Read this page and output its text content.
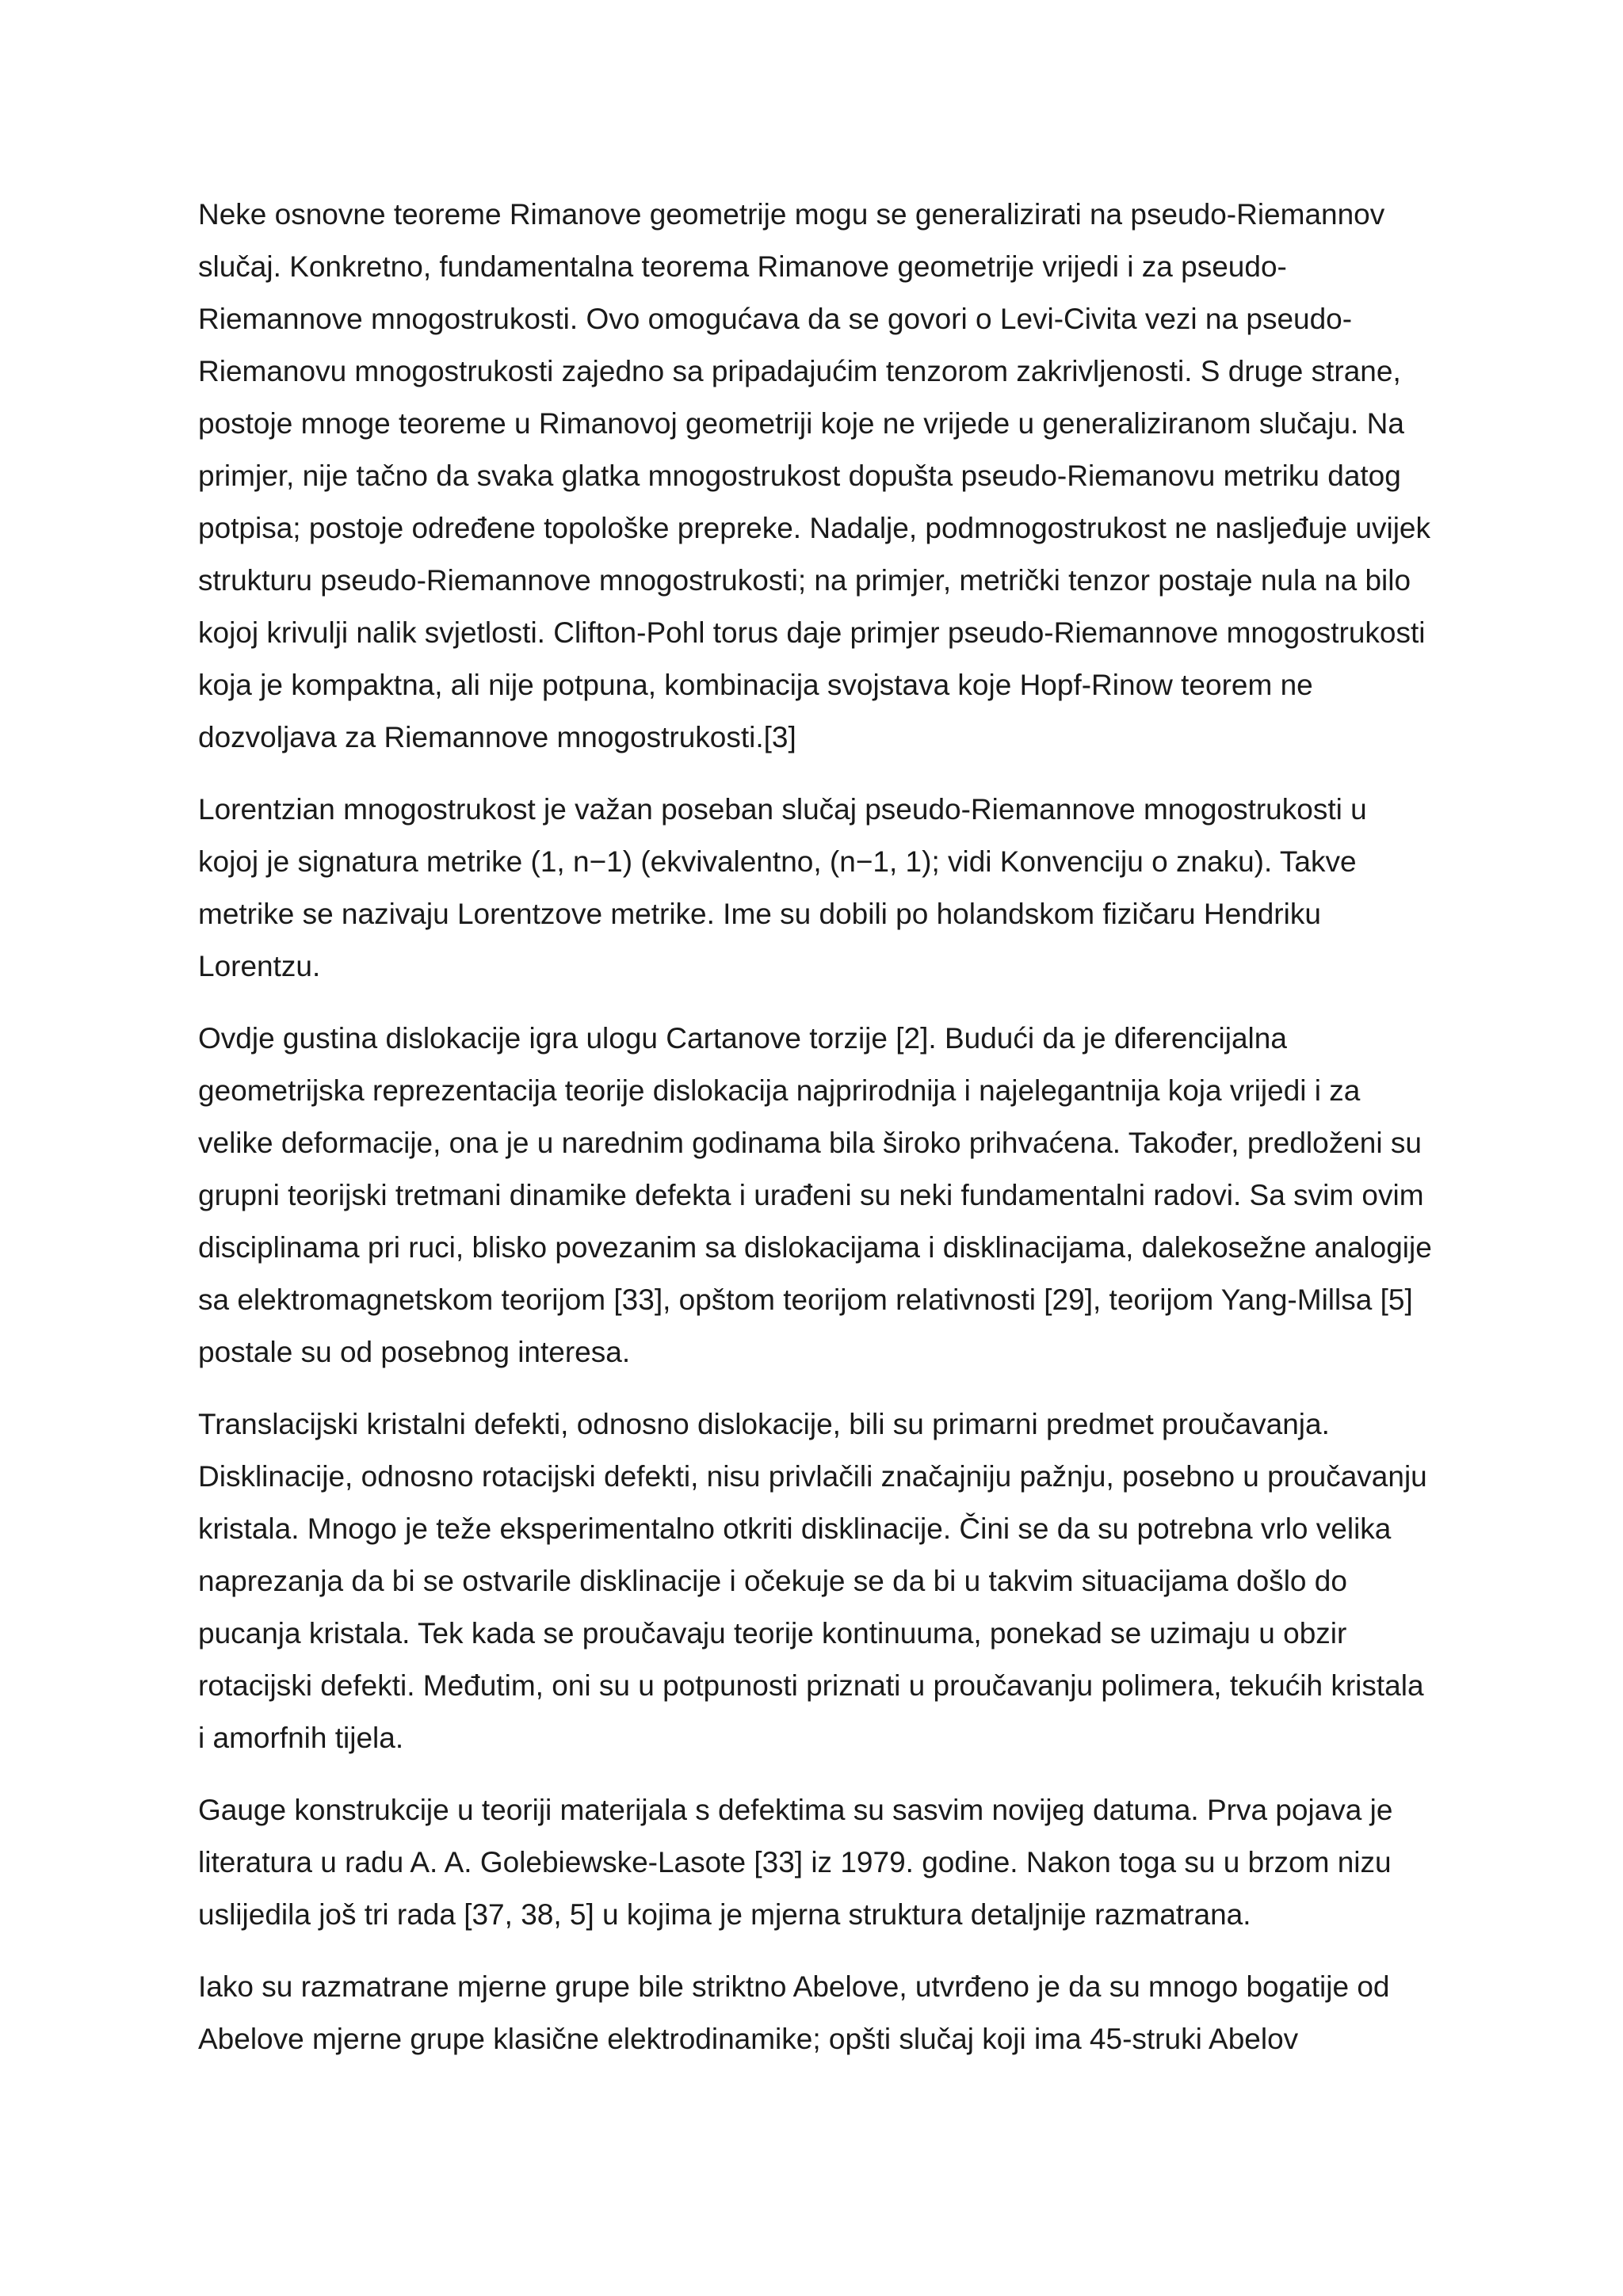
Neke osnovne teoreme Rimanove geometrije mogu se generalizirati na pseudo-Riemannov slučaj. Konkretno, fundamentalna teorema Rimanove geometrije vrijedi i za pseudo-Riemannove mnogostrukosti. Ovo omogućava da se govori o Levi-Civita vezi na pseudo-Riemanovu mnogostrukosti zajedno sa pripadajućim tenzorom zakrivljenosti. S druge strane, postoje mnoge teoreme u Rimanovoj geometriji koje ne vrijede u generaliziranom slučaju. Na primjer, nije tačno da svaka glatka mnogostrukost dopušta pseudo-Riemanovu metriku datog potpisa; postoje određene topološke prepreke. Nadalje, podmnogostrukost ne nasljeđuje uvijek strukturu pseudo-Riemannove mnogostrukosti; na primjer, metrički tenzor postaje nula na bilo kojoj krivulji nalik svjetlosti. Clifton-Pohl torus daje primjer pseudo-Riemannove mnogostrukosti koja je kompaktna, ali nije potpuna, kombinacija svojstava koje Hopf-Rinow teorem ne dozvoljava za Riemannove mnogostrukosti.[3]

Lorentzian mnogostrukost je važan poseban slučaj pseudo-Riemannove mnogostrukosti u kojoj je signatura metrike (1, n−1) (ekvivalentno, (n−1, 1); vidi Konvenciju o znaku). Takve metrike se nazivaju Lorentzove metrike. Ime su dobili po holandskom fizičaru Hendriku Lorentzu.

Ovdje gustina dislokacije igra ulogu Cartanove torzije [2]. Budući da je diferencijalna geometrijska reprezentacija teorije dislokacija najprirodnija i najelegantnija koja vrijedi i za velike deformacije, ona je u narednim godinama bila široko prihvaćena. Također, predloženi su grupni teorijski tretmani dinamike defekta i urađeni su neki fundamentalni radovi. Sa svim ovim disciplinama pri ruci, blisko povezanim sa dislokacijama i disklinacijama, dalekosežne analogije sa elektromagnetskom teorijom [33], opštom teorijom relativnosti [29], teorijom Yang-Millsa [5] postale su od posebnog interesa.

Translacijski kristalni defekti, odnosno dislokacije, bili su primarni predmet proučavanja. Disklinacije, odnosno rotacijski defekti, nisu privlačili značajniju pažnju, posebno u proučavanju kristala. Mnogo je teže eksperimentalno otkriti disklinacije. Čini se da su potrebna vrlo velika naprezanja da bi se ostvarile disklinacije i očekuje se da bi u takvim situacijama došlo do pucanja kristala. Tek kada se proučavaju teorije kontinuuma, ponekad se uzimaju u obzir rotacijski defekti. Međutim, oni su u potpunosti priznati u proučavanju polimera, tekućih kristala i amorfnih tijela.

Gauge konstrukcije u teoriji materijala s defektima su sasvim novijeg datuma. Prva pojava je literatura u radu A. A. Golebiewske-Lasote [33] iz 1979. godine. Nakon toga su u brzom nizu uslijedila još tri rada [37, 38, 5] u kojima je mjerna struktura detaljnije razmatrana.

Iako su razmatrane mjerne grupe bile striktno Abelove, utvrđeno je da su mnogo bogatije od Abelove mjerne grupe klasične elektrodinamike; opšti slučaj koji ima 45-struki Abelov
